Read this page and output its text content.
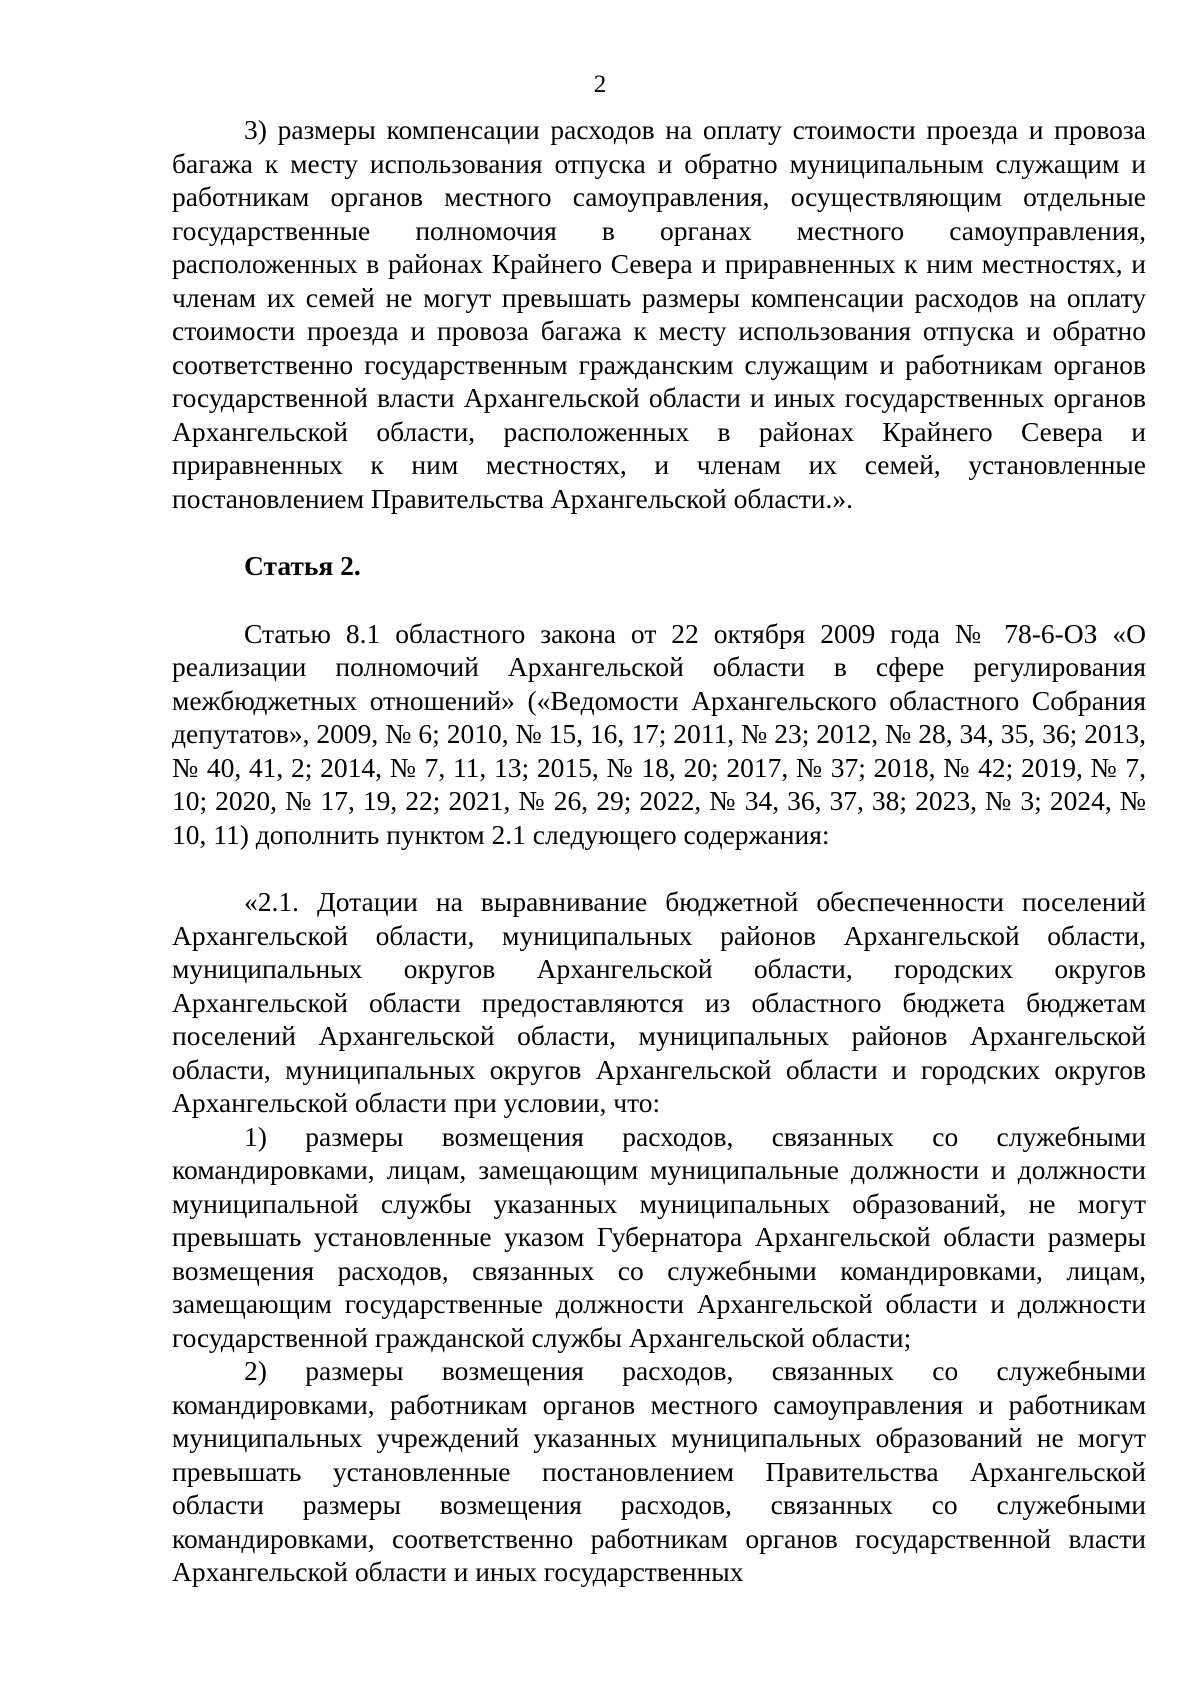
2

3) размеры компенсации расходов на оплату стоимости проезда и провоза багажа к месту использования отпуска и обратно муниципальным служащим и работникам органов местного самоуправления, осуществляющим отдельные государственные полномочия в органах местного самоуправления, расположенных в районах Крайнего Севера и приравненных к ним местностях, и членам их семей не могут превышать размеры компенсации расходов на оплату стоимости проезда и провоза багажа к месту использования отпуска и обратно соответственно государственным гражданским служащим и работникам органов государственной власти Архангельской области и иных государственных органов Архангельской области, расположенных в районах Крайнего Севера и приравненных к ним местностях, и членам их семей, установленные постановлением Правительства Архангельской области.».

Статья 2.

Статью 8.1 областного закона от 22 октября 2009 года № 78-6-ОЗ «О реализации полномочий Архангельской области в сфере регулирования межбюджетных отношений» («Ведомости Архангельского областного Собрания депутатов», 2009, № 6; 2010, № 15, 16, 17; 2011, № 23; 2012, № 28, 34, 35, 36; 2013, № 40, 41, 2; 2014, № 7, 11, 13; 2015, № 18, 20; 2017, № 37; 2018, № 42; 2019, № 7, 10; 2020, № 17, 19, 22; 2021, № 26, 29; 2022, № 34, 36, 37, 38; 2023, № 3; 2024, № 10, 11) дополнить пунктом 2.1 следующего содержания:

«2.1. Дотации на выравнивание бюджетной обеспеченности поселений Архангельской области, муниципальных районов Архангельской области, муниципальных округов Архангельской области, городских округов Архангельской области предоставляются из областного бюджета бюджетам поселений Архангельской области, муниципальных районов Архангельской области, муниципальных округов Архангельской области и городских округов Архангельской области при условии, что:

1) размеры возмещения расходов, связанных со служебными командировками, лицам, замещающим муниципальные должности и должности муниципальной службы указанных муниципальных образований, не могут превышать установленные указом Губернатора Архангельской области размеры возмещения расходов, связанных со служебными командировками, лицам, замещающим государственные должности Архангельской области и должности государственной гражданской службы Архангельской области;

2) размеры возмещения расходов, связанных со служебными командировками, работникам органов местного самоуправления и работникам муниципальных учреждений указанных муниципальных образований не могут превышать установленные постановлением Правительства Архангельской области размеры возмещения расходов, связанных со служебными командировками, соответственно работникам органов государственной власти Архангельской области и иных государственных
